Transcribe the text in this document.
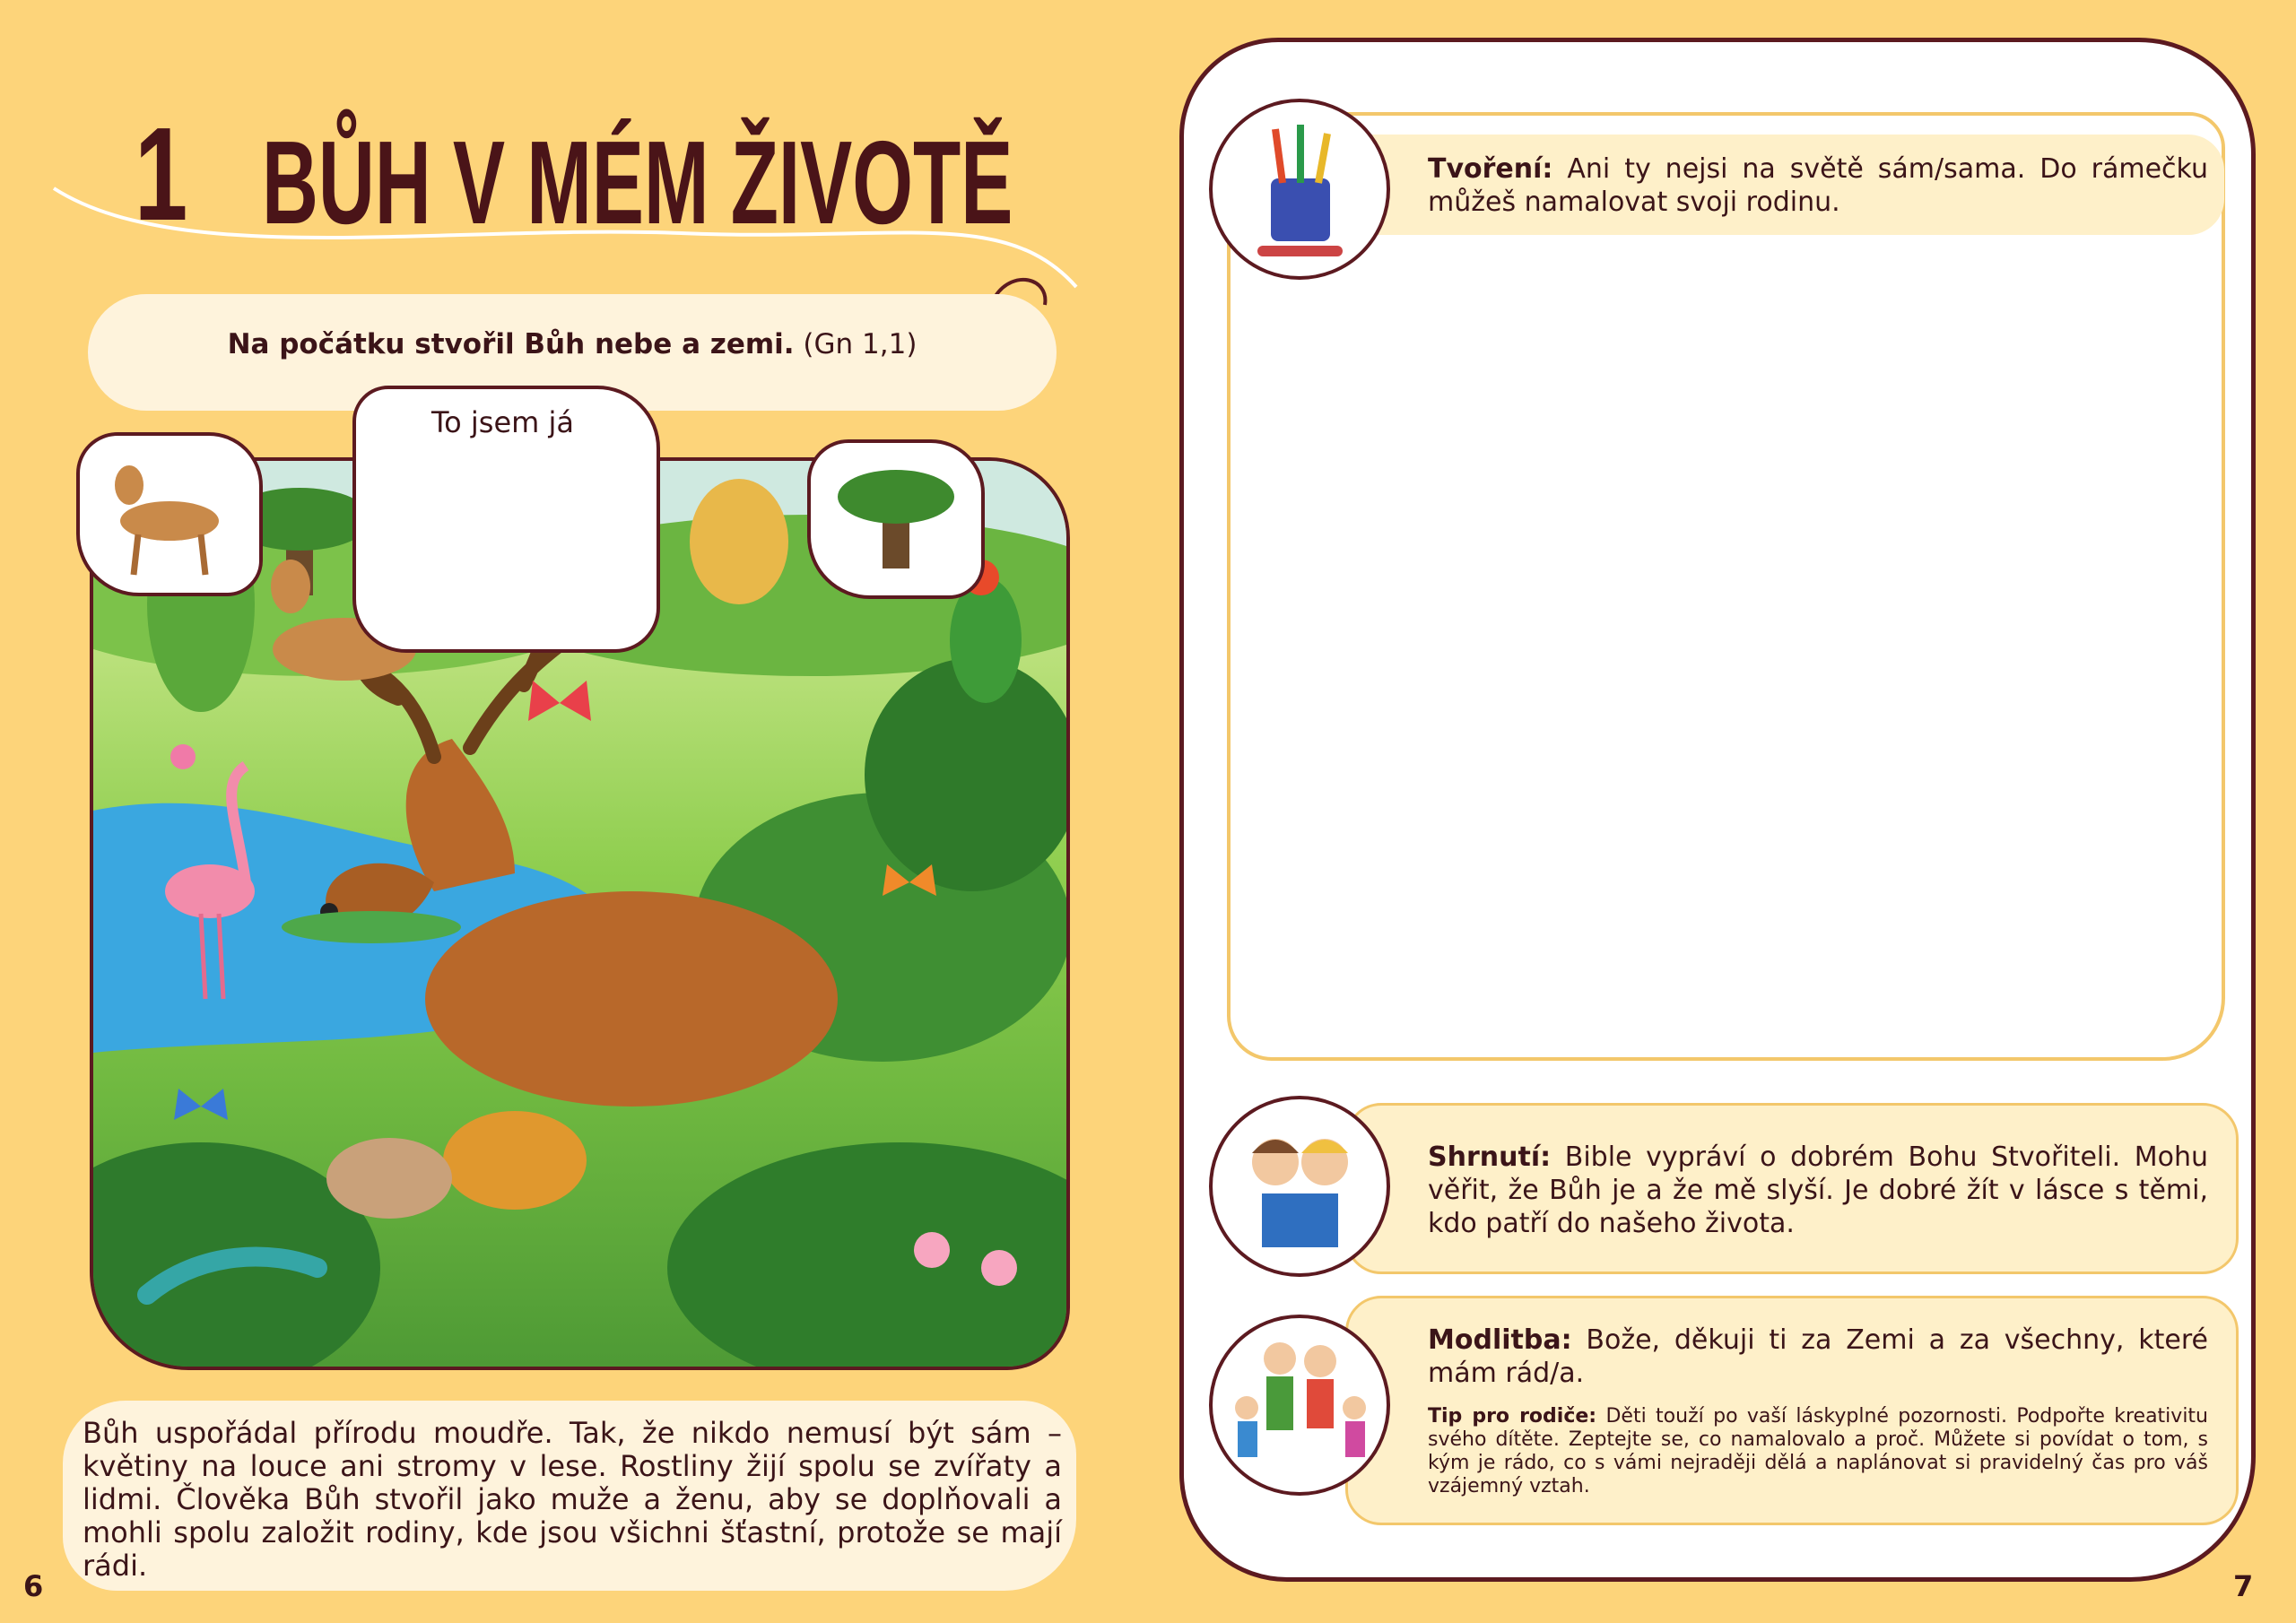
1 BŮH V MÉM ŽIVOTĚ
Na počátku stvořil Bůh nebe a zemi. (Gn 1,1)
To jsem já
Bůh uspořádal přírodu moudře. Tak, že nikdo nemusí být sám – květiny na louce ani stromy v lese. Rostliny žijí spolu se zvířaty a lidmi. Člověka Bůh stvořil jako muže a ženu, aby se doplňovali a mohli spolu založit rodiny, kde jsou všichni šťastní, protože se mají rádi.
6
Tvoření: Ani ty nejsi na světě sám/sama. Do rámečku můžeš namalovat svoji rodinu.
Shrnutí: Bible vypráví o dobrém Bohu Stvořiteli. Mohu věřit, že Bůh je a že mě slyší. Je dobré žít v lásce s těmi, kdo patří do našeho života.
Modlitba: Bože, děkuji ti za Zemi a za všechny, které mám rád/a.
Tip pro rodiče: Děti touží po vaší láskyplné pozornosti. Podpořte kreativitu svého dítěte. Zeptejte se, co namalovalo a proč. Můžete si povídat o tom, s kým je rádo, co s vámi nejraději dělá a naplánovat si pravidelný čas pro váš vzájemný vztah.
7
